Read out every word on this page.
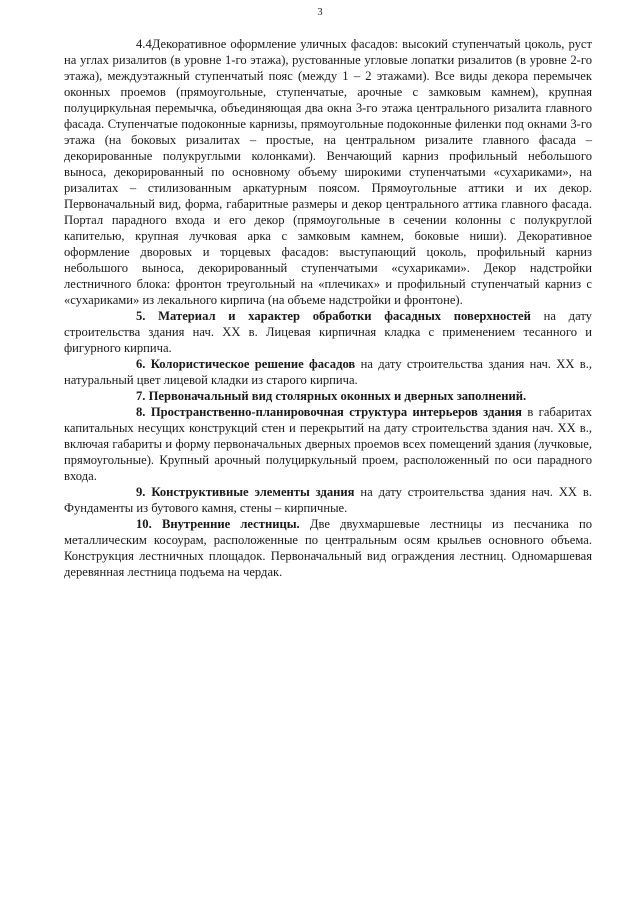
3

4.4Декоративное оформление уличных фасадов: высокий ступенчатый цоколь, руст на углах ризалитов (в уровне 1-го этажа), рустованные угловые лопатки ризалитов (в уровне 2-го этажа), междуэтажный ступенчатый пояс (между 1 – 2 этажами). Все виды декора перемычек оконных проемов (прямоугольные, ступенчатые, арочные с замковым камнем), крупная полуциркульная перемычка, объединяющая два окна 3-го этажа центрального ризалита главного фасада. Ступенчатые подоконные карнизы, прямоугольные подоконные филенки под окнами 3-го этажа (на боковых ризалитах – простые, на центральном ризалите главного фасада – декорированные полукруглыми колонками). Венчающий карниз профильный небольшого выноса, декорированный по основному объему широкими ступенчатыми «сухариками», на ризалитах – стилизованным аркатурным поясом. Прямоугольные аттики и их декор. Первоначальный вид, форма, габаритные размеры и декор центрального аттика главного фасада. Портал парадного входа и его декор (прямоугольные в сечении колонны с полукруглой капителью, крупная лучковая арка с замковым камнем, боковые ниши). Декоративное оформление дворовых и торцевых фасадов: выступающий цоколь, профильный карниз небольшого выноса, декорированный ступенчатыми «сухариками». Декор надстройки лестничного блока: фронтон треугольный на «плечиках» и профильный ступенчатый карниз с «сухариками» из лекального кирпича (на объеме надстройки и фронтоне).

5. Материал и характер обработки фасадных поверхностей на дату строительства здания нач. XX в. Лицевая кирпичная кладка с применением тесанного и фигурного кирпича.

6. Колористическое решение фасадов на дату строительства здания нач. XX в., натуральный цвет лицевой кладки из старого кирпича.

7. Первоначальный вид столярных оконных и дверных заполнений.

8. Пространственно-планировочная структура интерьеров здания в габаритах капитальных несущих конструкций стен и перекрытий на дату строительства здания нач. XX в., включая габариты и форму первоначальных дверных проемов всех помещений здания (лучковые, прямоугольные). Крупный арочный полуциркульный проем, расположенный по оси парадного входа.

9. Конструктивные элементы здания на дату строительства здания нач. XX в. Фундаменты из бутового камня, стены – кирпичные.

10. Внутренние лестницы. Две двухмаршевые лестницы из песчаника по металлическим косоурам, расположенные по центральным осям крыльев основного объема. Конструкция лестничных площадок. Первоначальный вид ограждения лестниц. Одномаршевая деревянная лестница подъема на чердак.
